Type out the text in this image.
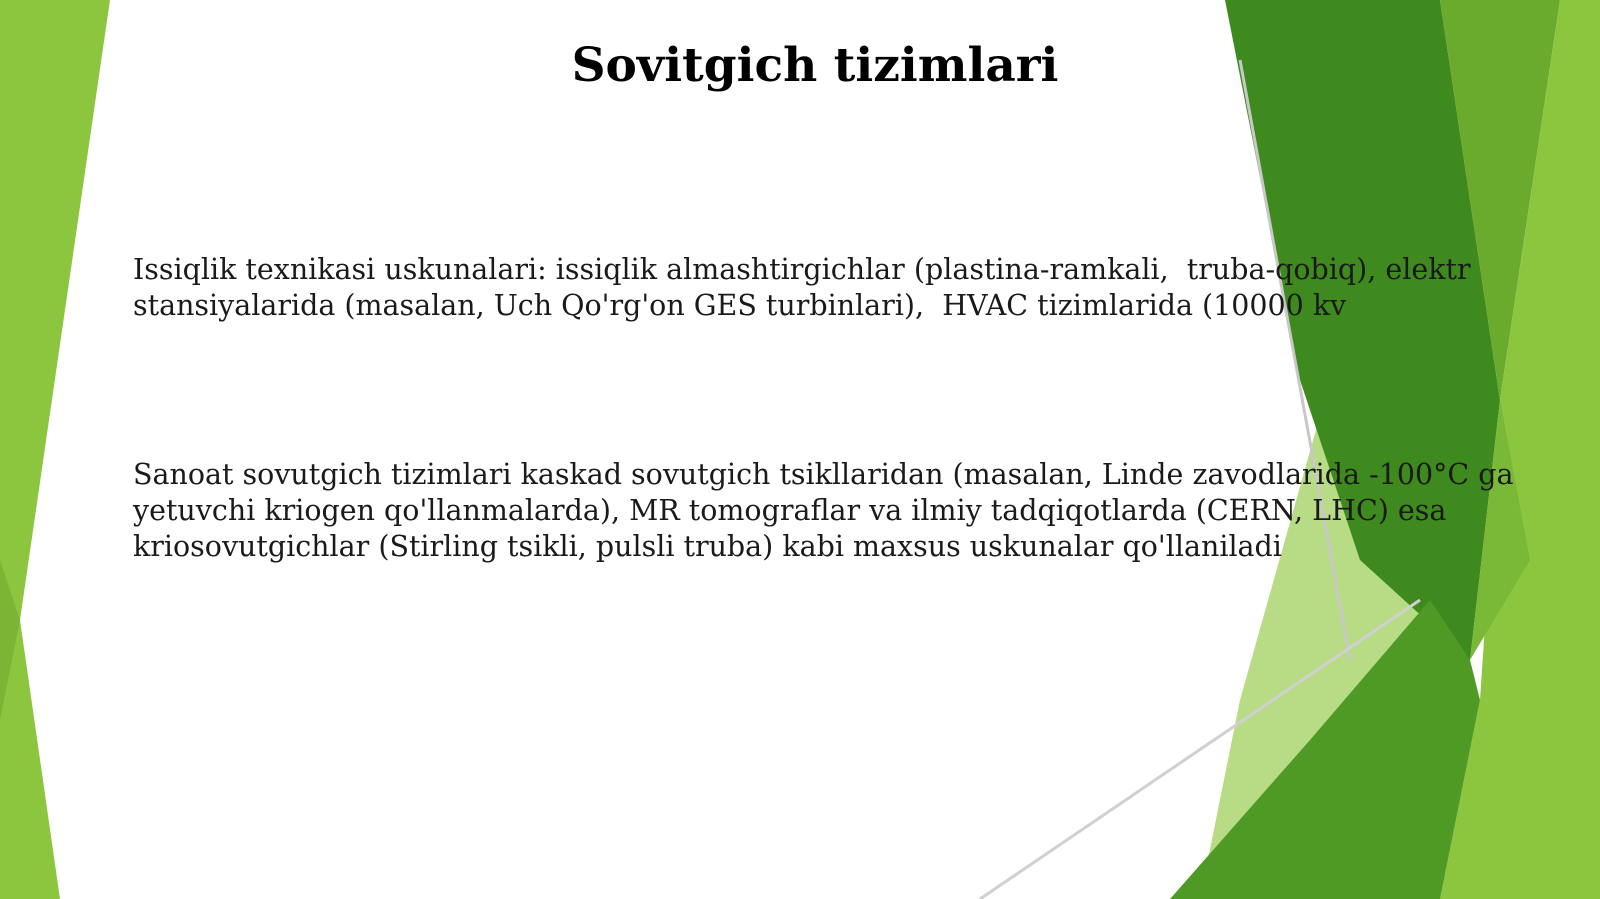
Sovitgich tizimlari

Issiqlik texnikasi uskunalari: issiqlik almashtirgichlar (plastina-ramkali,  truba-qobiq), elektr
stansiyalarida (masalan, Uch Qo'rg'on GES turbinlari),  HVAC tizimlarida (10000 kv

Sanoat sovutgich tizimlari kaskad sovutgich tsikllaridan (masalan, Linde zavodlarida -100°C ga
yetuvchi kriogen qo'llanmalarda), MR tomograflar va ilmiy tadqiqotlarda (CERN, LHC) esa
kriosovutgichlar (Stirling tsikli, pulsli truba) kabi maxsus uskunalar qo'llaniladi
